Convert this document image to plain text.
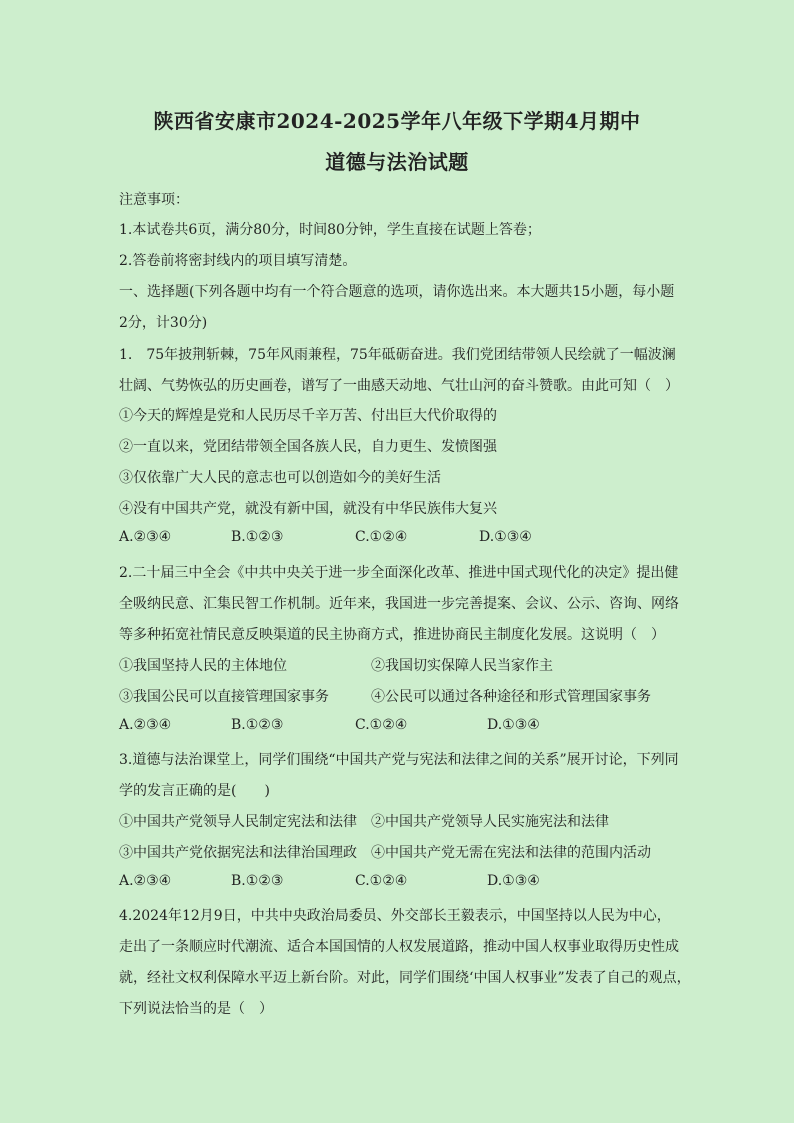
陕西省安康市2024-2025学年八年级下学期4月期中
道德与法治试题
注意事项：
1.本试卷共6页，满分80分，时间80分钟，学生直接在试题上答卷；
2.答卷前将密封线内的项目填写清楚。
一、选择题(下列各题中均有一个符合题意的选项，请你选出来。本大题共15小题，每小题
2分，计30分)
1.　75年披荆斩棘，75年风雨兼程，75年砥砺奋进。我们党团结带领人民绘就了一幅波澜
壮阔、气势恢弘的历史画卷，谱写了一曲感天动地、气壮山河的奋斗赞歌。由此可知（　）
①今天的辉煌是党和人民历尽千辛万苦、付出巨大代价取得的
②一直以来，党团结带领全国各族人民，自力更生、发愤图强
③仅依靠广大人民的意志也可以创造如今的美好生活
④没有中国共产党，就没有新中国，就没有中华民族伟大复兴
A.②③④	B.①②③	C.①②④	D.①③④
2.二十届三中全会《中共中央关于进一步全面深化改革、推进中国式现代化的决定》提出健
全吸纳民意、汇集民智工作机制。近年来，我国进一步完善提案、会议、公示、咨询、网络
等多种拓宽社情民意反映渠道的民主协商方式，推进协商民主制度化发展。这说明（　）
①我国坚持人民的主体地位	②我国切实保障人民当家作主
③我国公民可以直接管理国家事务	④公民可以通过各种途径和形式管理国家事务
A.②③④	B.①②③	C.①②④	D.①③④
3.道德与法治课堂上，同学们围绕“中国共产党与宪法和法律之间的关系”展开讨论，下列同
学的发言正确的是(　　)
①中国共产党领导人民制定宪法和法律 ②中国共产党领导人民实施宪法和法律
③中国共产党依据宪法和法律治国理政 ④中国共产党无需在宪法和法律的范围内活动
A.②③④	B.①②③	C.①②④	D.①③④
4.2024年12月9日，中共中央政治局委员、外交部长王毅表示，中国坚持以人民为中心，
走出了一条顺应时代潮流、适合本国国情的人权发展道路，推动中国人权事业取得历史性成
就，经社文权利保障水平迈上新台阶。对此，同学们围绕‘中国人权事业”发表了自己的观点，
下列说法恰当的是（　）
